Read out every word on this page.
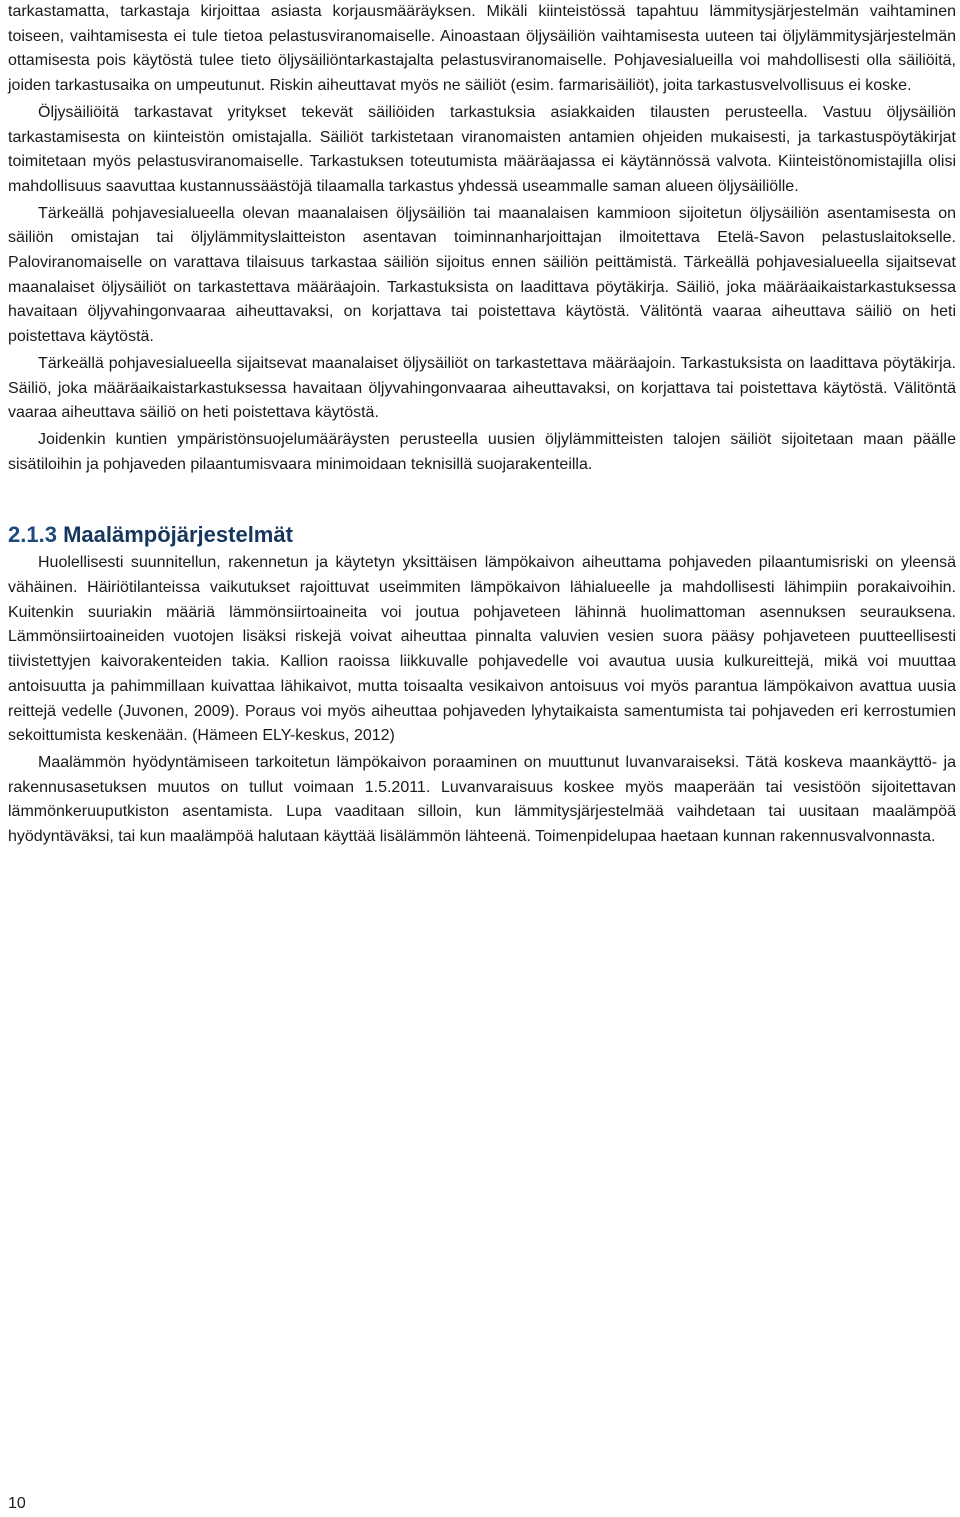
tarkastamatta, tarkastaja kirjoittaa asiasta korjausmääräyksen. Mikäli kiinteistössä tapahtuu lämmitysjärjestelmän vaihtaminen toiseen, vaihtamisesta ei tule tietoa pelastusviranomaiselle. Ainoastaan öljysäiliön vaihtamisesta uuteen tai öljylämmitysjärjestelmän ottamisesta pois käytöstä tulee tieto öljysäiliöntarkastajalta pelastusviranomaiselle. Pohjavesialueilla voi mahdollisesti olla säiliöitä, joiden tarkastusaika on umpeutunut. Riskin aiheuttavat myös ne säiliöt (esim. farmarisäiliöt), joita tarkastusvelvollisuus ei koske.

Öljysäiliöitä tarkastavat yritykset tekevät säiliöiden tarkastuksia asiakkaiden tilausten perusteella. Vastuu öljysäiliön tarkastamisesta on kiinteistön omistajalla. Säiliöt tarkistetaan viranomaisten antamien ohjeiden mukaisesti, ja tarkastuspöytäkirjat toimitetaan myös pelastusviranomaiselle. Tarkastuksen toteutumista määräajassa ei käytännössä valvota. Kiinteistönomistajilla olisi mahdollisuus saavuttaa kustannussäästöjä tilaamalla tarkastus yhdessä useammalle saman alueen öljysäiliölle.

Tärkeällä pohjavesialueella olevan maanalaisen öljysäiliön tai maanalaisen kammioon sijoitetun öljysäiliön asentamisesta on säiliön omistajan tai öljylämmityslaitteiston asentavan toiminnanharjoittajan ilmoitettava Etelä-Savon pelastuslaitokselle. Paloviranomaiselle on varattava tilaisuus tarkastaa säiliön sijoitus ennen säiliön peittämistä. Tärkeällä pohjavesialueella sijaitsevat maanalaiset öljysäiliöt on tarkastettava määräajoin. Tarkastuksista on laadittava pöytäkirja. Säiliö, joka määräaikaistarkastuksessa havaitaan öljyvahingonvaaraa aiheuttavaksi, on korjattava tai poistettava käytöstä. Välitöntä vaaraa aiheuttava säiliö on heti poistettava käytöstä.

Tärkeällä pohjavesialueella sijaitsevat maanalaiset öljysäiliöt on tarkastettava määräajoin. Tarkastuksista on laadittava pöytäkirja. Säiliö, joka määräaikaistarkastuksessa havaitaan öljyvahingonvaaraa aiheuttavaksi, on korjattava tai poistettava käytöstä. Välitöntä vaaraa aiheuttava säiliö on heti poistettava käytöstä.

Joidenkin kuntien ympäristönsuojelumääräysten perusteella uusien öljylämmitteisten talojen säiliöt sijoitetaan maan päälle sisätiloihin ja pohjaveden pilaantumisvaara minimoidaan teknisillä suojarakenteilla.

2.1.3 Maalämpöjärjestelmät

Huolellisesti suunnitellun, rakennetun ja käytetyn yksittäisen lämpökaivon aiheuttama pohjaveden pilaantumisriski on yleensä vähäinen. Häiriötilanteissa vaikutukset rajoittuvat useimmiten lämpökaivon lähialueelle ja mahdollisesti lähimpiin porakaivoihin. Kuitenkin suuriakin määriä lämmönsiirtoaineita voi joutua pohjaveteen lähinnä huolimattoman asennuksen seurauksena. Lämmönsiirtoaineiden vuotojen lisäksi riskejä voivat aiheuttaa pinnalta valuvien vesien suora pääsy pohjaveteen puutteellisesti tiivistettyjen kaivorakenteiden takia. Kallion raoissa liikkuvalle pohjavedelle voi avautua uusia kulkureittejä, mikä voi muuttaa antoisuutta ja pahimmillaan kuivattaa lähikaivot, mutta toisaalta vesikaivon antoisuus voi myös parantua lämpökaivon avattua uusia reittejä vedelle (Juvonen, 2009). Poraus voi myös aiheuttaa pohjaveden lyhytaikaista samentumista tai pohjaveden eri kerrostumien sekoittumista keskenään. (Hämeen ELY-keskus, 2012)

Maalämmön hyödyntämiseen tarkoitetun lämpökaivon poraaminen on muuttunut luvanvaraiseksi. Tätä koskeva maankäyttö- ja rakennusasetuksen muutos on tullut voimaan 1.5.2011. Luvanvaraisuus koskee myös maaperään tai vesistöön sijoitettavan lämmönkeruuputkiston asentamista. Lupa vaaditaan silloin, kun lämmitysjärjestelmää vaihdetaan tai uusitaan maalämpöä hyödyntäväksi, tai kun maalämpöä halutaan käyttää lisälämmön lähteenä. Toimenpidelupaa haetaan kunnan rakennusvalvonnasta.

10
